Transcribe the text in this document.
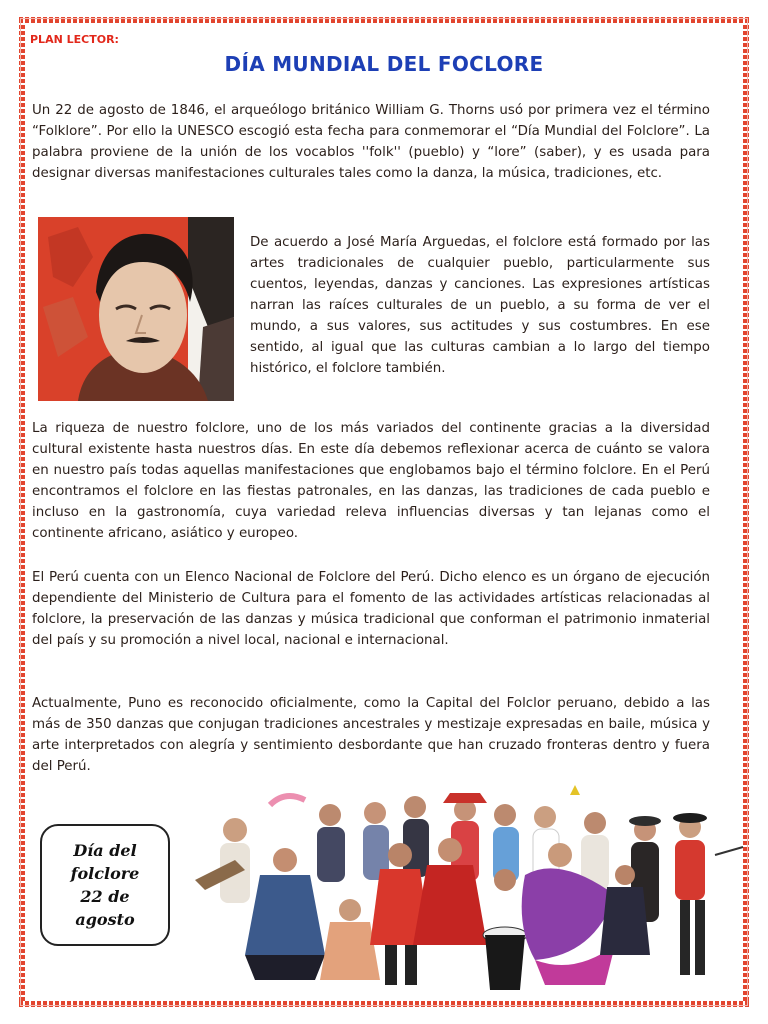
PLAN LECTOR:
DÍA MUNDIAL DEL FOCLORE

Un 22 de agosto de 1846, el arqueólogo británico William G. Thorns usó por primera vez el término “Folklore”. Por ello la UNESCO escogió esta fecha para conmemorar el “Día Mundial del Folclore”. La palabra proviene de la unión de los vocablos ''folk'' (pueblo) y “lore” (saber), y es usada para designar diversas manifestaciones culturales tales como la danza, la música, tradiciones, etc.

De acuerdo a José María Arguedas, el folclore está formado por las artes tradicionales de cualquier pueblo, particularmente sus cuentos, leyendas, danzas y canciones. Las expresiones artísticas narran las raíces culturales de un pueblo, a su forma de ver el mundo, a sus valores, sus actitudes y sus costumbres. En ese sentido, al igual que las culturas cambian a lo largo del tiempo histórico, el folclore también.

La riqueza de nuestro folclore, uno de los más variados del continente gracias a la diversidad cultural existente hasta nuestros días. En este día debemos reflexionar acerca de cuánto se valora en nuestro país todas aquellas manifestaciones que englobamos bajo el término folclore. En el Perú encontramos el folclore en las fiestas patronales, en las danzas, las tradiciones de cada pueblo e incluso en la gastronomía, cuya variedad releva influencias diversas y tan lejanas como el continente africano, asiático y europeo.

El Perú cuenta con un Elenco Nacional de Folclore del Perú. Dicho elenco es un órgano de ejecución dependiente del Ministerio de Cultura para el fomento de las actividades artísticas relacionadas al folclore, la preservación de las danzas y música tradicional que conforman el patrimonio inmaterial del país y su promoción a nivel local, nacional e internacional.

Actualmente, Puno es reconocido oficialmente, como la Capital del Folclor peruano, debido a las más de 350 danzas que conjugan tradiciones ancestrales y mestizaje expresadas en baile, música y arte interpretados con alegría y sentimiento desbordante que han cruzado fronteras dentro y fuera del Perú.

Día del
folclore
22 de
agosto
